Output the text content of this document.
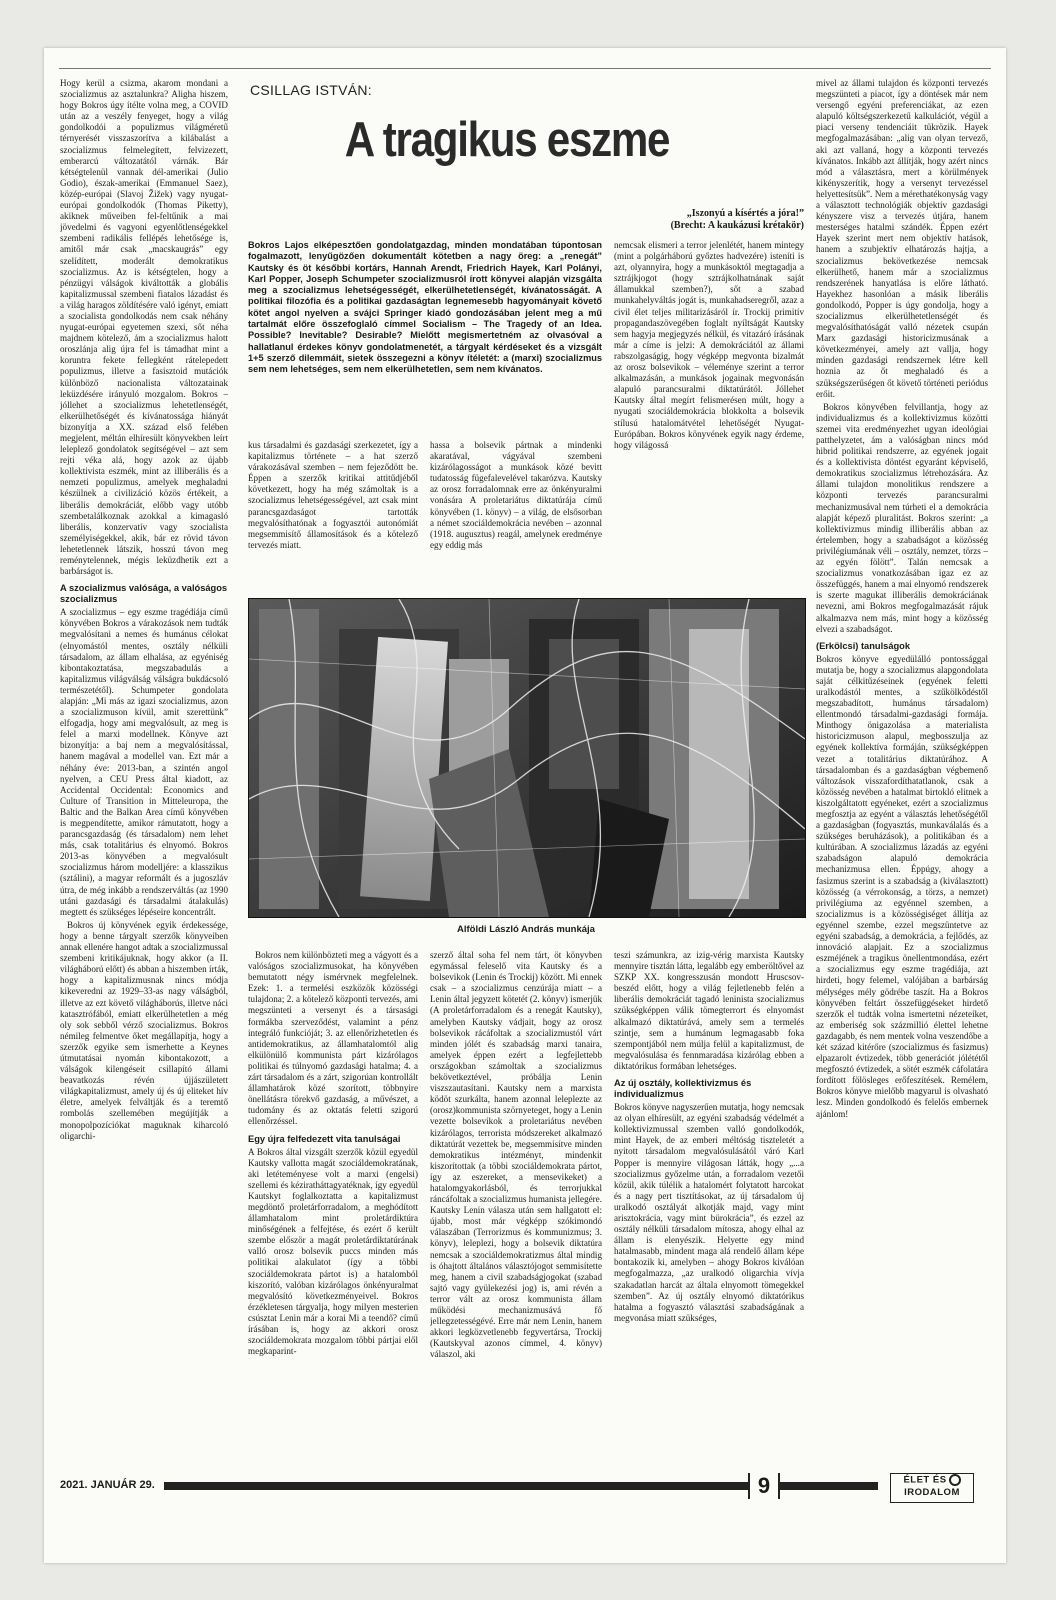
Hogy kerül a csizma, akarom mondani a szocializmus az asztalunkra? Aligha hiszem, hogy Bokros úgy ítélte volna meg, a COVID után az a veszély fenyeget, hogy a világ gondolkodói a populizmus világméretű térnyerését visszaszorítva a kilábalást a szocializmus felmelegített, felvizezett, emberarcú változatától várnák. Bár kétségtelenül vannak dél-amerikai (Julio Godio), észak-amerikai (Emmanuel Saez), közép-európai (Slavoj Žižek) vagy nyugat-európai gondolkodók (Thomas Piketty), akiknek műveiben fel-feltűnik a mai jövedelmi és vagyoni egyenlőtlenségekkel szembeni radikális fellépés lehetősége is, amitől már csak „macskaugrás” egy szelídített, moderált demokratikus szocializmus. Az is kétségtelen, hogy a pénzügyi válságok kiváltották a globális kapitalizmussal szembeni fiatalos lázadást és a világ haragos zöldítésére való igényt, emiatt a szocialista gondolkodás nem csak néhány nyugat-európai egyetemen szexi, sőt néha majdnem kötelező, ám a szocializmus halott oroszlánja alig újra fel is támadhat mint a koruntra fekete fellegként rátelepedett populizmus, illetve a fasisztoid mutációk különböző nacionalista változatainak leküzdésére irányuló mozgalom. Bokros – jóllehet a szocializmus lehetetlenségét, elkerülhetőségét és kívánatossága hiányát bizonyítja a XX. század első felében megjelent, méltán elhíresült könyvekben leírt leleplező gondolatok segítségével – azt sem rejti véka alá, hogy azok az újabb kollektivista eszmék, mint az illiberális és a nemzeti populizmus, amelyek meghaladni készülnek a civilizáció közös értékeit, a liberális demokráciát, előbb vagy utóbb szembetalálkoznak azokkal a kimagasló liberális, konzervatív vagy szocialista személyiségekkel, akik, bár ez rövid távon lehetetlennek látszik, hosszú távon meg reménytelennek, mégis leküzdhetik ezt a barbárságot is.

A szocializmus valósága, a valóságos szocializmus

A szocializmus – egy eszme tragédiája című könyvében Bokros a várakozások nem tudták megvalósítani a nemes és humánus célokat (elnyomástól mentes, osztály nélküli társadalom, az állam elhalása, az egyéniség kibontakoztatása, megszabadulás a kapitalizmus világválság válságra bukdácsoló természetétől). Schumpeter gondolata alapján: „Mi más az igazi szocializmus, azon a szocializmuson kívül, amit szerettünk” elfogadja, hogy ami megvalósult, az meg is felel a marxi modellnek. Könyve azt bizonyítja: a baj nem a megvalósítással, hanem magával a modellel van. Ezt már a néhány éve: 2013-ban, a szintén angol nyelven, a CEU Press által kiadott, az Accidental Occidental: Economics and Culture of Transition in Mitteleuropa, the Baltic and the Balkan Area című könyvében is megpendítette, amikor rámutatott, hogy a parancsgazdaság (és társadalom) nem lehet más, csak totalitárius és elnyomó. Bokros 2013-as könyvében a megvalósult szocializmus három modelljére: a klasszikus (sztálini), a magyar reformált és a jugoszláv útra, de még inkább a rendszerváltás (az 1990 utáni gazdasági és társadalmi átalakulás) megtett és szükséges lépéseire koncentrált.

Bokros új könyvének egyik érdekessége, hogy a benne tárgyalt szerzők könyveiben annak ellenére hangot adtak a szocializmussal szembeni kritikájuknak, hogy akkor (a II. világháború előtt) és abban a hiszemben írták, hogy a kapitalizmusnak nincs módja kikeveredni az 1929–33-as nagy válságból, illetve az ezt követő világháborús, illetve náci katasztrófából, emiatt elkerülhetetlen a még oly sok sebből vérző szocializmus. Bokros némileg felmentve őket megállapítja, hogy a szerzők egyike sem ismerhette a Keynes útmutatásai nyomán kibontakozott, a válságok kilengéseit csillapító állami beavatkozás révén újjászületett világkapitalizmust, amely új és új eliteket hív életre, amelyek felváltják és a teremtő rombolás szellemében megújítják a monopolpozíciókat maguknak kiharcoló oligarchi-

CSILLAG ISTVÁN:
A tragikus eszme
„Iszonyú a kísértés a jóra!”
(Brecht: A kaukázusi krétakör)

Bokros Lajos elképesztően gondolatgazdag, minden mondatában túpontosan fogalmazott, lenyűgözően dokumentált kötetben a nagy öreg: a „renegát” Kautsky és öt későbbi kortárs, Hannah Arendt, Friedrich Hayek, Karl Polányi, Karl Popper, Joseph Schumpeter szocializmusról írott könyvei alapján vizsgálta meg a szocializmus lehetségességét, elkerülhetetlenségét, kívánatosságát. A politikai filozófia és a politikai gazdaságtan legnemesebb hagyományait követő kötet angol nyelven a svájci Springer kiadó gondozásában jelent meg a mű tartalmát előre összefoglaló címmel Socialism – The Tragedy of an Idea. Possible? Inevitable? Desirable? Mielőtt megismertetném az olvasóval a hallatlanul érdekes könyv gondolatmenetét, a tárgyalt kérdéseket és a vizsgált 1+5 szerző dilemmáit, sietek összegezni a könyv ítéletét: a (marxi) szocializmus sem nem lehetséges, sem nem elkerülhetetlen, sem nem kívánatos.

kus társadalmi és gazdasági szerkezetet, így a kapitalizmus története – a hat szerző várakozásával szemben – nem fejeződött be. Éppen a szerzők kritikai attitűdjéből következett, hogy ha még számoltak is a szocializmus lehetségességével, azt csak mint parancsgazdaságot tartották megvalósíthatónak a fogyasztói autonómiát megsemmisítő államosítások és a kötelező tervezés miatt.

hassa a bolsevik pártnak a mindenki akaratával, vágyával szembeni kizárólagosságot a munkások közé bevitt tudatosság fügefalevelével takarózva. Kautsky az orosz forradalomnak erre az önkényuralmi vonására A proletariátus diktatúrája című könyvében (1. könyv) – a világ, de elsősorban a német szociáldemokrácia nevében – azonnal (1918. augusztus) reagál, amelynek eredménye egy eddig más

nemcsak elismeri a terror jelenlétét, hanem mintegy (mint a polgárháború győztes hadvezére) isteníti is azt, olyannyira, hogy a munkásoktól megtagadja a sztrájkjogot (hogy sztrájkolhatnának saját államukkal szemben?), sőt a szabad munkahelyváltás jogát is, munkahadseregről, azaz a civil élet teljes militarizásáról ír. Trockij primitív propagandaszövegében foglalt nyíltságát Kautsky sem hagyja megjegyzés nélkül, és vitazáró írásának már a címe is jelzi: A demokráciától az állami rabszolgaságig, hogy végképp megvonta bizalmát az orosz bolsevikok – véleménye szerint a terror alkalmazásán, a munkások jogainak megvonásán alapuló parancsuralmi diktatúrától. Jóllehet Kautsky által megírt felismerésen múlt, hogy a nyugati szociáldemokrácia blokkolta a bolsevik stílusú hatalomátvétel lehetőségét Nyugat-Európában. Bokros könyvének egyik nagy érdeme, hogy világossá

Alföldi László András munkája

Bokros nem különbözteti meg a vágyott és a valóságos szocializmusokat, ha könyvében bemutatott négy ismérvnek megfelelnek. Ezek: 1. a termelési eszközök közösségi tulajdona; 2. a kötelező központi tervezés, ami megszünteti a versenyt és a társasági formákba szerveződést, valamint a pénz integráló funkcióját; 3. az ellenőrizhetetlen és antidemokratikus, az államhatalomtól alig elkülönülő kommunista párt kizárólagos politikai és túlnyomó gazdasági hatalma; 4. a zárt társadalom és a zárt, szigorúan kontrollált államhatárok közé szorított, többnyire önellátásra törekvő gazdaság, a művészet, a tudomány és az oktatás feletti szigorú ellenőrzéssel.

Egy újra felfedezett vita tanulságai

A Bokros által vizsgált szerzők közül egyedül Kautsky vallotta magát szociáldemokratának, aki letéteményese volt a marxi (engelsi) szellemi és kéziratháttagyatéknak, így egyedül Kautskyt foglalkoztatta a kapitalizmust megdöntő proletárforradalom, a meghódított államhatalom mint proletárdiktúra minőségének a felfejtése, és ezért ő került szembe először a magát proletárdiktatúrának valló orosz bolsevik puccs minden más politikai alakulatot (így a többi szociáldemokrata pártot is) a hatalomból kiszorító, valóban kizárólagos önkényuralmat megvalósító következményeivel. Bokros érzékletesen tárgyalja, hogy milyen mesterien csúsztat Lenin már a korai Mi a teendő? című írásában is, hogy az akkori orosz szociáldemokrata mozgalom többi pártjai elől megkaparint-

szerző által soha fel nem tárt, öt könyvben egymással feleselő vita Kautsky és a bolsevikok (Lenin és Trockij) között. Mi ennek csak – a szocializmus cenzúrája miatt – a Lenin által jegyzett kötetét (2. könyv) ismerjük (A proletárforradalom és a renegát Kautsky), amelyben Kautsky vádjait, hogy az orosz bolsevikok rácáfoltak a szocializmustól várt minden jólét és szabadság marxi tanaira, amelyek éppen ezért a legfejlettebb országokban számoltak a szocializmus bekövetkeztével, próbálja Lenin viszszautasítani. Kautsky nem a marxista ködöt szurkálta, hanem azonnal leleplezte az (orosz)kommunista szörnyeteget, hogy a Lenin vezette bolsevikok a proletariátus nevében kizárólagos, terrorista módszereket alkalmazó diktatúrát vezettek be, megsemmisítve minden demokratikus intézményt, mindenkit kiszorítottak (a többi szociáldemokrata pártot, így az eszereket, a mensevikeket) a hatalomgyakorlásból, és terrorjukkal ráncáfoltak a szocializmus humanista jellegére. Kautsky Lenin válasza után sem hallgatott el: újabb, most már végképp szókimondó válaszában (Terrorizmus és kommunizmus; 3. könyv), leleplezi, hogy a bolsevik diktatúra nemcsak a szociáldemokratizmus által mindig is óhajtott általános választójogot semmisítette meg, hanem a civil szabadságjogokat (szabad sajtó vagy gyülekezési jog) is, ami révén a terror vált az orosz kommunista állam működési mechanizmusává fő jellegzetességévé. Erre már nem Lenin, hanem akkori legközvetlenebb fegyvertársa, Trockij (Kautskyval azonos címmel, 4. könyv) válaszol, aki

teszi számunkra, az izig-vérig marxista Kautsky mennyire tisztán látta, legalább egy emberöltővel az SZKP XX. kongresszusán mondott Hruscsov-beszéd előtt, hogy a világ fejletlenebb felén a liberális demokráciát tagadó leninista szocializmus szükségképpen válik tömegterrort és elnyomást alkalmazó diktatúrává, amely sem a termelés szintje, sem a humánum legmagasabb foka szempontjából nem múlja felül a kapitalizmust, de megvalósulása és fennmaradása kizárólag ebben a diktatórikus formában lehetséges.

Az új osztály, kollektivizmus és individualizmus

Bokros könyve nagyszerűen mutatja, hogy nemcsak az olyan elhíresült, az egyéni szabadság védelmét a kollektivizmussal szemben valló gondolkodók, mint Hayek, de az emberi méltóság tiszteletét a nyitott társadalom megvalósulásától váró Karl Popper is mennyire világosan látták, hogy „...a szocializmus győzelme után, a forradalom vezetői közül, akik túlélik a hatalomért folytatott harcokat és a nagy pert tisztításokat, az új társadalom új uralkodó osztályát alkotják majd, vagy mint arisztokrácia, vagy mint bürokrácia”, és ezzel az osztály nélküli társadalom mítosza, ahogy elhal az állam is elenyészik. Helyette egy mind hatalmasabb, mindent maga alá rendelő állam képe bontakozik ki, amelyben – ahogy Bokros kiválóan megfogalmazza, „az uralkodó oligarchia vívja szakadatlan harcát az általa elnyomott tömegekkel szemben”. Az új osztály elnyomó diktatórikus hatalma a fogyasztó választási szabadságának a megvonása miatt szükséges,

mivel az állami tulajdon és központi tervezés megszünteti a piacot, így a döntések már nem versengő egyéni preferenciákat, az ezen alapuló költségszerkezetű kalkulációt, végül a piaci verseny tendenciáit tükrözik. Hayek megfogalmazásában: „alig van olyan tervező, aki azt vallaná, hogy a központi tervezés kívánatos. Inkább azt állítják, hogy azért nincs mód a választásra, mert a körülmények kikényszerítik, hogy a versenyt tervezéssel helyettesítsük”. Nem a mérethatékonyság vagy a választott technológiák objektív gazdasági kényszere visz a tervezés útjára, hanem mesterséges hatalmi szándék. Éppen ezért Hayek szerint mert nem objektív hatások, hanem a szubjektív elhatározás hajtja, a szocializmus bekövetkezése nemcsak elkerülhető, hanem már a szocializmus rendszerének hanyatlása is előre látható. Hayekhez hasonlóan a másik liberális gondolkodó, Popper is úgy gondolja, hogy a szocializmus elkerülhetetlenségét és megvalósíthatóságát valló nézetek csupán Marx gazdasági historicizmusának a következményei, amely azt vallja, hogy minden gazdasági rendszernek létre kell hoznia az őt meghaladó és a szükségszerűségen őt követő történeti periódus erőit.

Bokros könyvében felvillantja, hogy az individualizmus és a kollektivizmus közötti szemei vita eredményezhet ugyan ideológiai patthelyzetet, ám a valóságban nincs mód hibrid politikai rendszerre, az egyének jogait és a kollektivista döntést egyaránt képviselő, demokratikus szocializmus létrehozására. Az állami tulajdon monolitikus rendszere a központi tervezés parancsuralmi mechanizmusával nem túrheti el a demokrácia alapját képező pluralitást. Bokros szerint: „a kollektivizmus mindig illiberális abban az értelemben, hogy a szabadságot a közösség privilégiumának véli – osztály, nemzet, törzs – az egyén fölött”. Talán nemcsak a szocializmus vonatkozásában igaz ez az összefüggés, hanem a mai elnyomó rendszerek is szerte magukat illiberális demokráciának nevezni, ami Bokros megfogalmazását rájuk alkalmazva nem más, mint hogy a közösség elvezi a szabadságot.

(Erkölcsi) tanulságok

Bokros könyve egyedülálló pontossággal mutatja be, hogy a szocializmus alapgondolata saját célkitűzéseinek (egyének feletti uralkodástól mentes, a szűkölködéstől megszabadított, humánus társadalom) ellentmondó társadalmi-gazdasági formája. Minthogy önigazolása a materialista historicizmuson alapul, megbosszulja az egyének kollektíva formáján, szükségképpen vezet a totalitárius diktatúrához. A társadalomban és a gazdaságban végbemenő változások visszafordíthatatlanok, csak a közösség nevében a hatalmat birtokló elitnek a kiszolgáltatott egyéneket, ezért a szocializmus megfosztja az egyént a választás lehetőségétől a gazdaságban (fogyasztás, munkaválalás és a szükséges beruházások), a politikában és a kultúrában. A szocializmus lázadás az egyéni szabadságon alapuló demokrácia mechanizmusa ellen. Éppúgy, ahogy a fasizmus szerint is a szabadság a (kiválasztott) közösség (a vérrokonság, a törzs, a nemzet) privilégiuma az egyénnel szemben, a szocializmus is a közösségiséget állítja az egyénnel szembe, ezzel megszüntetve az egyéni szabadság, a demokrácia, a fejlődés, az innováció alapjait. Ez a szocializmus eszméjének a tragikus önellentmondása, ezért a szocializmus egy eszme tragédiája, azt hirdeti, hogy felemel, valójában a barbárság mélységes mély gödrébe taszít. Ha a Bokros könyvében feltárt összefüggéseket hirdető szerzők el tudták volna ismertetni nézeteiket, az emberiség sok százmillió élettel lehetne gazdagabb, és nem mentek volna veszendőbe a két század kitérőre (szocializmus és fasizmus) elpazarolt évtizedek, több generációt jólététől megfosztó évtizedek, a sötét eszmék cáfolatára fordított fölösleges erőfeszítések. Remélem, Bokros könyve mielőbb magyarul is olvasható lesz. Minden gondolkodó és felelős embernek ajánlom!

2021. JANUÁR 29.	9	ÉLET ÉS
IRODALOM
